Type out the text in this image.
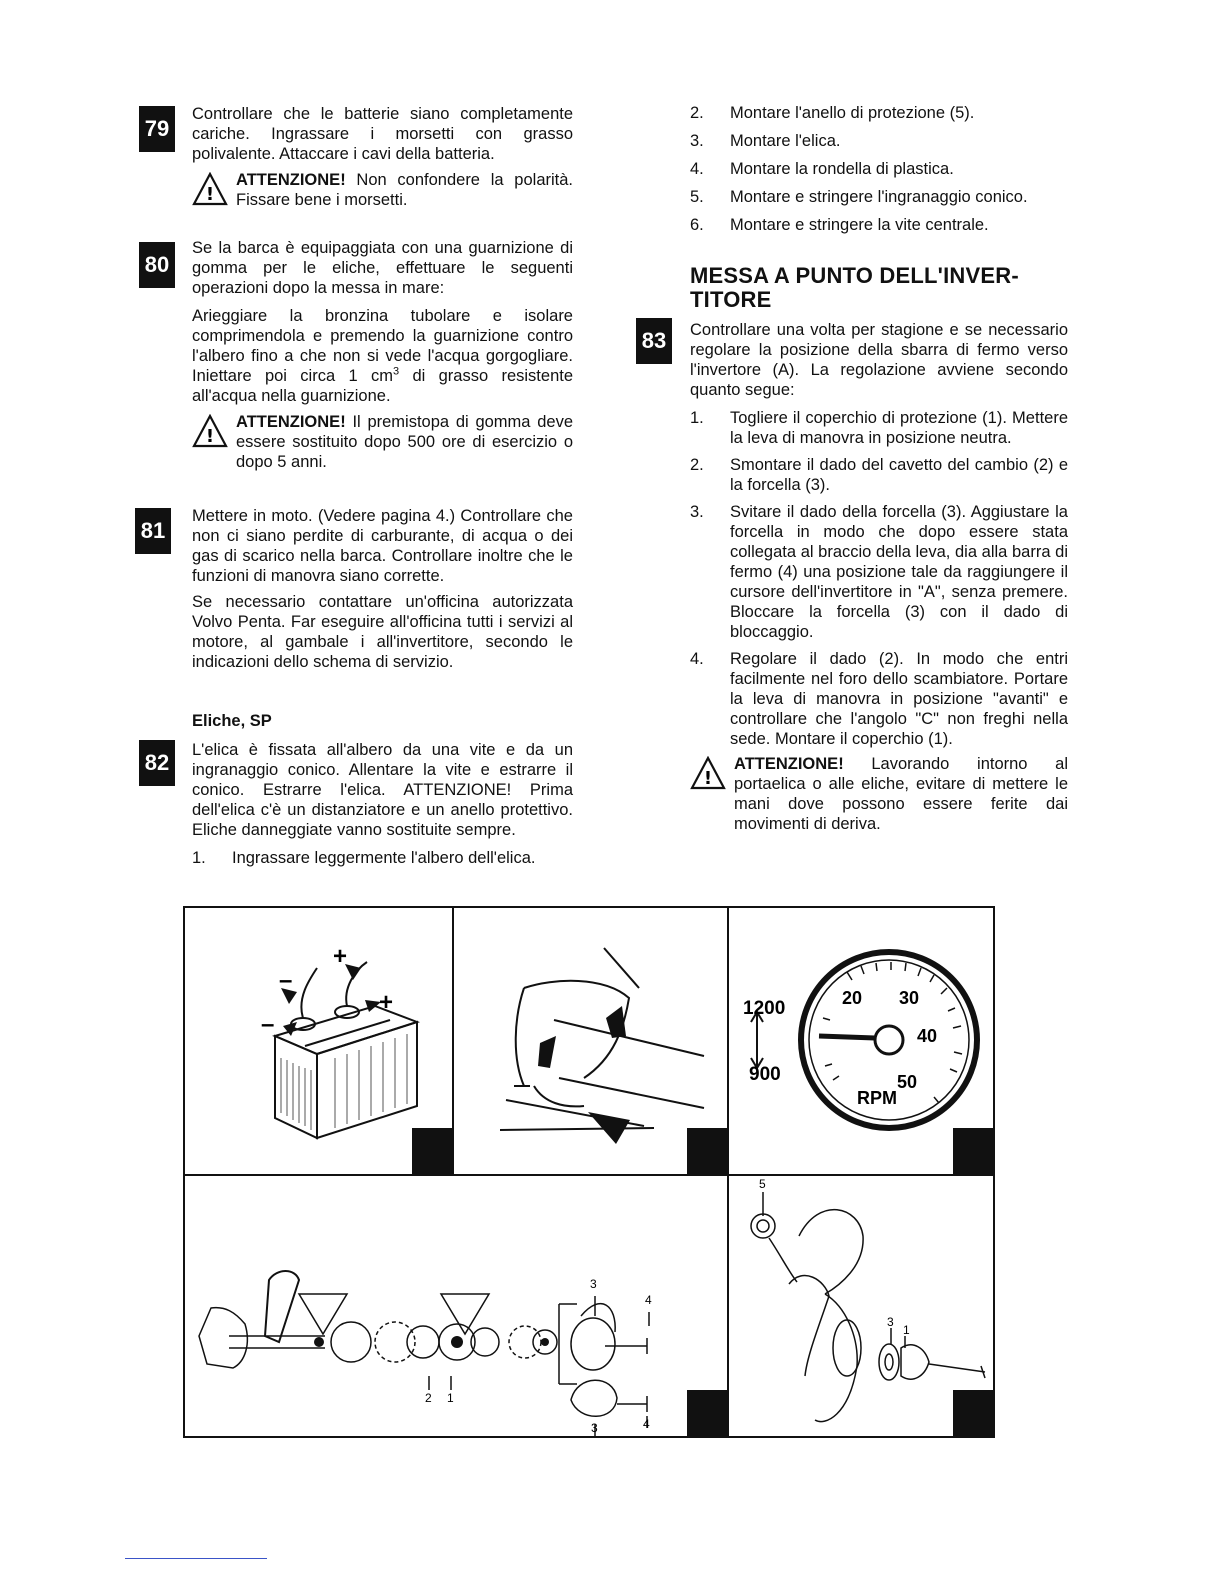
79

Controllare che le batterie siano completamente cariche. Ingrassare i morsetti con grasso polivalente. Attaccare i cavi della batteria.

!

ATTENZIONE! Non confondere la polarità. Fissare bene i morsetti.

80

Se la barca è equipaggiata con una guarnizione di gomma per le eliche, effettuare le seguenti operazioni dopo la messa in mare:

Arieggiare la bronzina tubolare e isolare comprimendola e premendo la guarnizione contro l'albero fino a che non si vede l'acqua gorgogliare. Iniettare poi circa 1 $cm^3$ di grasso resistente all'acqua nella guarnizione.

!

ATTENZIONE! Il premistopa di gomma deve essere sostituito dopo 500 ore di esercizio o dopo 5 anni.

81

Mettere in moto. (Vedere pagina 4.) Controllare che non ci siano perdite di carburante, di acqua o dei gas di scarico nella barca. Controllare inoltre che le funzioni di manovra siano corrette.

Se necessario contattare un'officina autorizzata Volvo Penta. Far eseguire all'officina tutti i servizi al motore, al gambale i all'invertitore, secondo le indicazioni dello schema di servizio.

Eliche, SP
82	L'elica è fissata all'albero da una vite e da un ingranaggio conico. Allentare la vite e estrarre il conico. Estrarre l'elica. ATTENZIONE! Prima dell'elica c'è un distanziatore e un anello protettivo. Eliche danneggiate vanno sostituite sempre.

1. Ingrassare leggermente l'albero dell'elica.
2. Montare l'anello di protezione (5).
3. Montare l'elica.
4. Montare la rondella di plastica.
5. Montare e stringere l'ingranaggio conico.
6. Montare e stringere la vite centrale.
MESSA A PUNTO DELL'INVER-
TITORE
83	Controllare una volta per stagione e se necessario regolare la posizione della sbarra di fermo verso l'invertore (A). La regolazione avviene secondo quanto segue:

1. Togliere il coperchio di protezione (1). Mettere la leva di manovra in posizione neutra.
2. Smontare il dado del cavetto del cambio (2) e la forcella (3).
3. Svitare il dado della forcella (3). Aggiustare la forcella in modo che dopo essere stata collegata al braccio della leva, dia alla barra di fermo (4) una posizione tale da raggiungere il cursore dell'invertitore in "A", senza premere. Bloccare la forcella (3) con il dado di bloccaggio.
4. Regolare il dado (2). In modo che entri facilmente nel foro dello scambiatore. Portare la leva di manovra in posizione "avanti" e controllare che l'angolo "C" non freghi nella sede. Montare il coperchio (1).
!

ATTENZIONE! Lavorando intorno al portaelica o alle eliche, evitare di mettere le mani dove possono essere ferite dai movimenti di deriva.

+
+
–
–
1200
900
20 30
40
50
RPM
3
4
2 1
3	4
5
3
1
